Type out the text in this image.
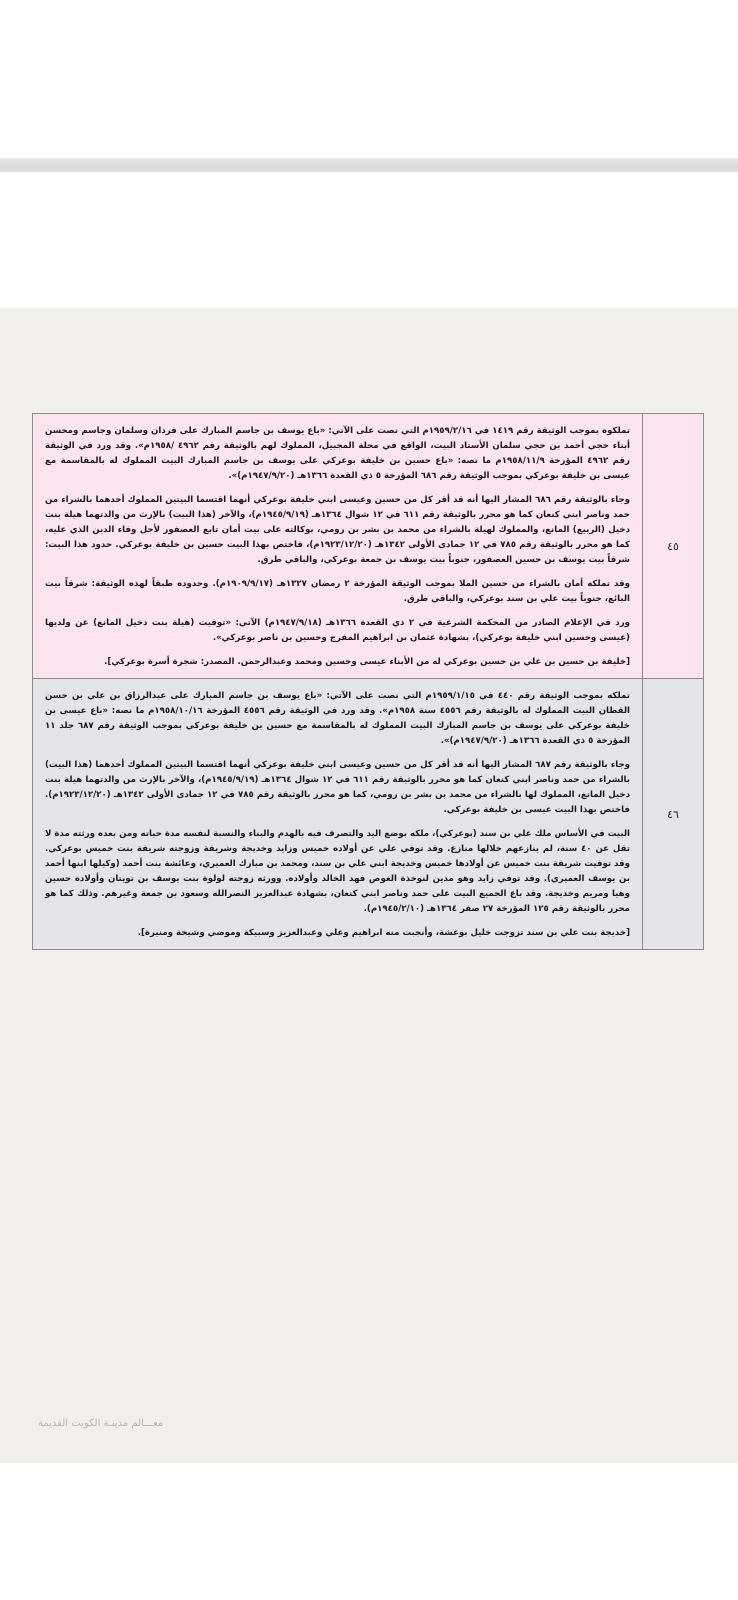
٤٥

تملكوه بموجب الوثيقة رقم ١٤١٩ في ١٩٥٩/٢/١٦م التي نصت على الآتي: «باع يوسف بن جاسم المبارك على فردان وسلمان وجاسم ومحسن أبناء حجي أحمد بن حجي سلمان الأستاد البيت، الواقع في محلة المجبيل، المملوك لهم بالوثيقة رقم ٤٩٦٢ /١٩٥٨م». وقد ورد في الوثيقة رقم ٤٩٦٢ المؤرخة ١٩٥٨/١١/٩م ما نصه: «باع حسين بن خليفة بوعركي على يوسف بن جاسم المبارك البيت المملوك له بالمقاسمة مع عيسى بن خليفة بوعركي بموجب الوثيقة رقم ٦٨٦ المؤرخة ٥ ذي القعدة ١٣٦٦هـ (١٩٤٧/٩/٢٠م)».

وجاء بالوثيقة رقم ٦٨٦ المشار اليها أنه قد أقر كل من حسين وعيسى ابني خليفة بوعركي أنهما اقتسما البيتين المملوك أحدهما بالشراء من حمد وناصر ابني كنعان كما هو محرر بالوثيقة رقم ٦١١ في ١٢ شوال ١٣٦٤هـ (١٩٤٥/٩/١٩م)، والآخر (هذا البيت) بالإرث من والدتهما هيلة بنت دخيل (الربيع) المانع، والمملوك لهيلة بالشراء من محمد بن بشر بن رومي، بوكالته على بيت أمان تابع العصفور لأجل وفاء الدين الذي عليه، كما هو محرر بالوثيقة رقم ٧٨٥ في ١٢ جمادى الأولى ١٣٤٢هـ (١٩٢٣/١٢/٢٠م)، فاختص بهذا البيت حسين بن خليفة بوعركي. حدود هذا البيت: شرقاً بيت يوسف بن حسين العصفور، جنوباً بيت يوسف بن جمعة بوعركي، والباقي طرق.

وقد تملكه أمان بالشراء من حسين الملا بموجب الوثيقة المؤرخة ٢ رمضان ١٣٢٧هـ (١٩٠٩/٩/١٧م). وحدوده طبقاً لهذه الوثيقة: شرقاً بيت البائع، جنوباً بيت علي بن سند بوعركي، والباقي طرق.

ورد في الإعلام الصادر من المحكمة الشرعية في ٢ ذي القعدة ١٣٦٦هـ (١٩٤٧/٩/١٨م) الآتي: «توفيت (هيلة بنت دخيل المانع) عن ولديها (عيسى وحسين ابني خليفة بوعركي)، بشهادة عثمان بن ابراهيم المفرج وحسين بن ناصر بوعركي».

[خليفة بن حسين بن علي بن حسين بوعركي له من الأبناء عيسى وحسين ومحمد وعبدالرحمن. المصدر: شجرة أسرة بوعركي].

٤٦

تملكه بموجب الوثيقة رقم ٤٤٠ في ١٩٥٩/١/١٥م التي نصت على الآتي: «باع يوسف بن جاسم المبارك على عبدالرزاق بن علي بن حسن القطان البيت المملوك له بالوثيقة رقم ٤٥٥٦ سنة ١٩٥٨م». وقد ورد في الوثيقة رقم ٤٥٥٦ المؤرخة ١٩٥٨/١٠/١٦م ما نصه: «باع عيسى بن خليفة بوعركي على يوسف بن جاسم المبارك البيت المملوك له بالمقاسمة مع حسين بن خليفة بوعركي بموجب الوثيقة رقم ٦٨٧ جلد ١١ المؤرخة ٥ ذي القعدة ١٣٦٦هـ (١٩٤٧/٩/٢٠م)».

وجاء بالوثيقة رقم ٦٨٧ المشار اليها أنه قد أقر كل من حسين وعيسى ابني خليفة بوعركي أنهما اقتسما البيتين المملوك أحدهما (هذا البيت) بالشراء من حمد وناصر ابني كنعان كما هو محرر بالوثيقة رقم ٦١١ في ١٢ شوال ١٣٦٤هـ (١٩٤٥/٩/١٩م)، والآخر بالإرث من والدتهما هيلة بنت دخيل المانع، المملوك لها بالشراء من محمد بن بشر بن رومي، كما هو محرر بالوثيقة رقم ٧٨٥ في ١٢ جمادى الأولى ١٣٤٢هـ (١٩٢٣/١٢/٢٠م). فاختص بهذا البيت عيسى بن خليفة بوعركي.

البيت في الأساس ملك علي بن سند (بوعركي)، ملكه بوضع اليد والتصرف فيه بالهدم والبناء والنسبة لنفسه مدة حياته ومن بعده ورثته مدة لا تقل عن ٤٠ سنة، لم ينازعهم خلالها منازع. وقد توفي علي عن أولاده خميس وزايد وخديجة وشريفة وزوجته شريفة بنت خميس بوعركي. وقد توفيت شريفة بنت خميس عن أولادها خميس وخديجة ابني علي بن سند، ومحمد بن مبارك العميري، وعائشة بنت أحمد (وكيلها ابنها أحمد بن يوسف العميري). وقد توفي زايد وهو مدين لنوخذة الغوص فهد الخالد وأولاده. وورثه زوجته لولوة بنت يوسف بن تويتان وأولاده حسين وهيا ومريم وخديجة. وقد باع الجميع البيت على حمد وناصر ابني كنعان، بشهادة عبدالعزيز النصرالله وسعود بن جمعة وغيرهم. وذلك كما هو محرر بالوثيقة رقم ١٢٥ المؤرخة ٢٧ صفر ١٣٦٤هـ (١٩٤٥/٢/١٠م).

[خديجة بنت علي بن سند تزوجت خليل بوعشة، وأنجبت منه ابراهيم وعلي وعبدالعزيز وسبيكة وموضي وشيخة ومنيرة].

معـــالم مدينـة الكويت القديمة
